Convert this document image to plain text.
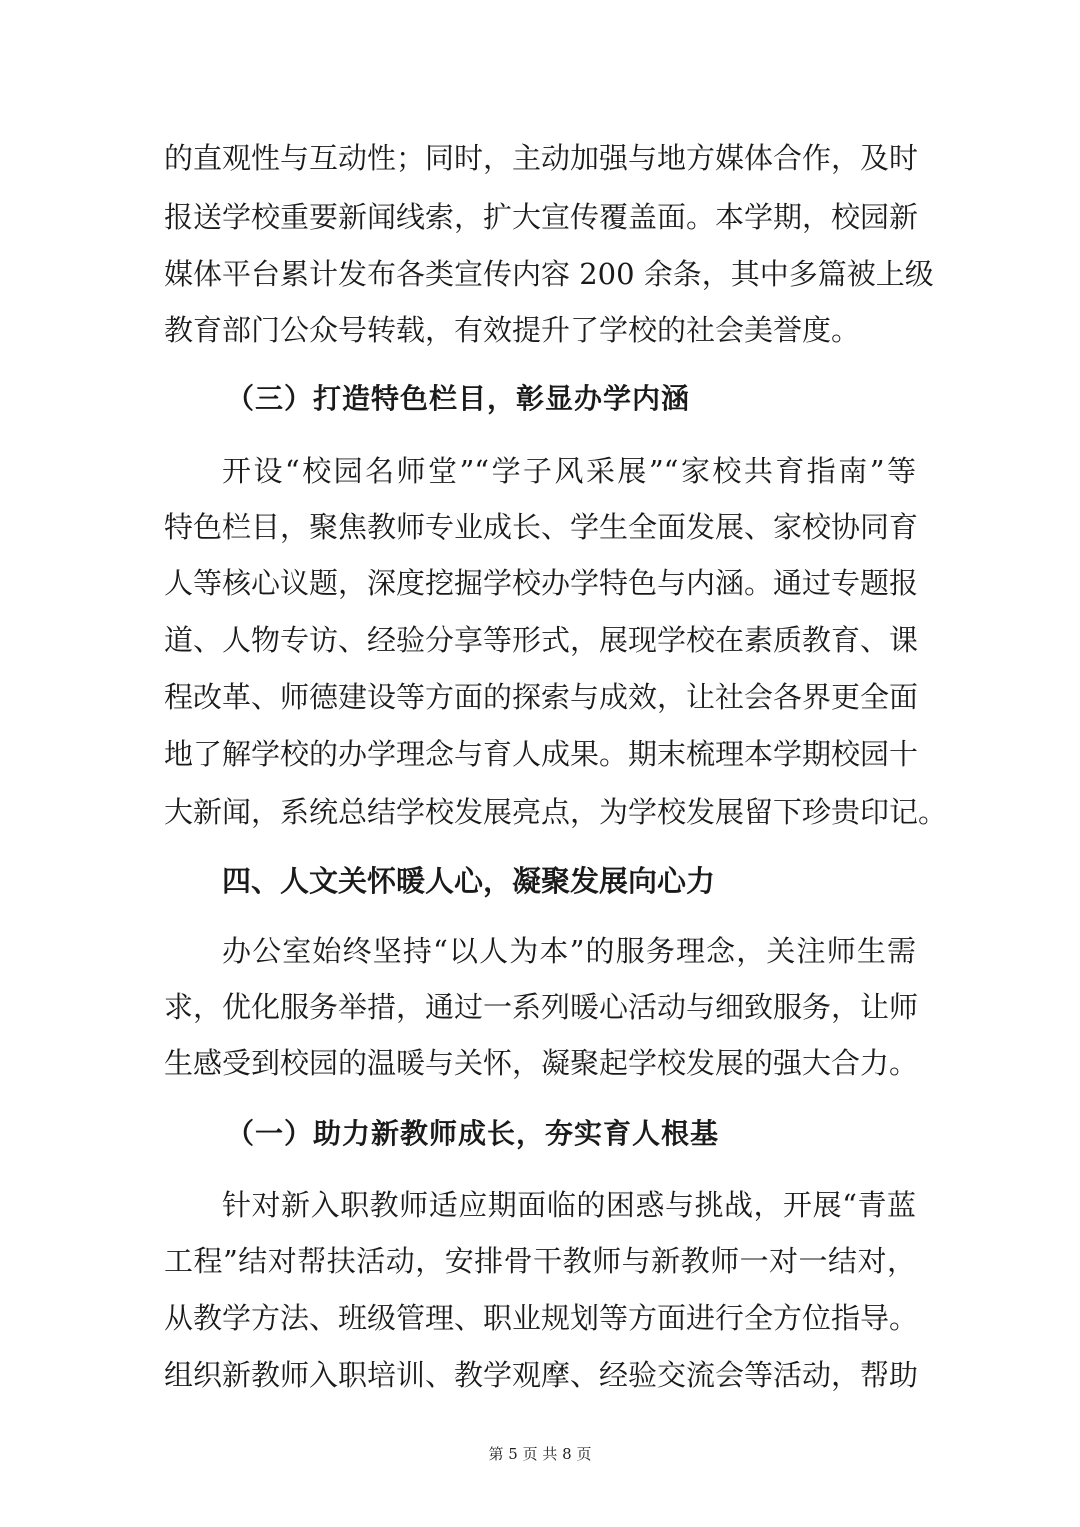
的直观性与互动性；同时，主动加强与地方媒体合作，及时
报送学校重要新闻线索，扩大宣传覆盖面。本学期，校园新
媒体平台累计发布各类宣传内容 200 余条，其中多篇被上级
教育部门公众号转载，有效提升了学校的社会美誉度。
（三）打造特色栏目，彰显办学内涵
开设“校园名师堂”“学子风采展”“家校共育指南”等
特色栏目，聚焦教师专业成长、学生全面发展、家校协同育
人等核心议题，深度挖掘学校办学特色与内涵。通过专题报
道、人物专访、经验分享等形式，展现学校在素质教育、课
程改革、师德建设等方面的探索与成效，让社会各界更全面
地了解学校的办学理念与育人成果。期末梳理本学期校园十
大新闻，系统总结学校发展亮点，为学校发展留下珍贵印记。
四、人文关怀暖人心，凝聚发展向心力
办公室始终坚持“以人为本”的服务理念，关注师生需
求，优化服务举措，通过一系列暖心活动与细致服务，让师
生感受到校园的温暖与关怀，凝聚起学校发展的强大合力。
（一）助力新教师成长，夯实育人根基
针对新入职教师适应期面临的困惑与挑战，开展“青蓝
工程”结对帮扶活动，安排骨干教师与新教师一对一结对，
从教学方法、班级管理、职业规划等方面进行全方位指导。
组织新教师入职培训、教学观摩、经验交流会等活动，帮助
第 5 页 共 8 页
